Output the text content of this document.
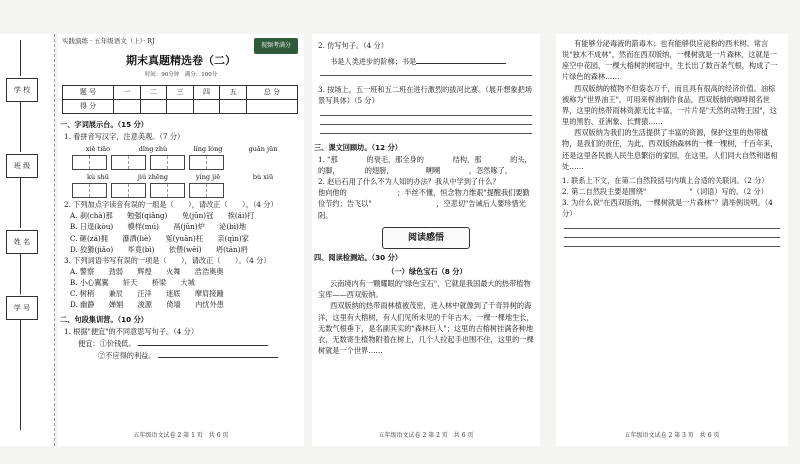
学 校
班 级
姓 名
学 号
实践演练 · 五年级语文（上）· RJ
视频考满分
期末真题精选卷（二）
时间：90分钟　满分：100分
题 号	一	二	三	四	五	总 分
得 分						
一、字词展示台。（15 分）
1. 看拼音写汉字，注意美观。（7 分）
xiē tiāo	dǐng zhǔ	líng lóng	guǎn jūn
kù shū	jiǔ zhēng	yíng jiē	bù xiū
2. 下列加点字读音有误的一组是（　　），请改正（　　）。（4 分）
A. 刹(chà)那　　勉强(qiǎng)　　免(jūn)冠　　挨(ái)打
B. 日逞(kòu)　　模样(mú)　　鬲(jūn)炉　　泌(bì)地
C. 砸(zá)拥　　瀑洒(liè)　　冤(yuān)枉　　亲(qìn)家
D. 狡猾(jiǎo)　　毕竟(bì)　　依偎(wēi)　　坍(tān)坍
3. 下列词语书写有误的一项是（　　），请改正（　　）。（4 分）
A. 警察　　劲弱　　辉煌　　火舞　　浩浩奥奥
B. 小心翼翼　　轩天　　桥梁　　大城
C. 树稍　　兼辰　　汪洋　　迷底　　摩肩接踵
D. 幽静　　婵娟　　浚源　　倚墙　　内忧外患
二、句段集训营。（10 分）
1. 根据"便宜"的不同意思写句子。（4 分）
便宜：①价钱低。
②不应得的利益。
五年级语文试卷 2 第 1 页　共 6 页
2. 仿写句子。（4 分）
书是人类进步的阶梯；书是
3. 按场上，五一班和五二班在进行激烈的拔河比赛。（展开想象把场景写具体）（5 分）
三、课文回顾坊。（12 分）
1. "那　　　　的衰毛，那全身的　　　　结构，那　　　　的头，　　　的脚，　　　　的翅膀，　　　　　嗍嗍　　　　，忽然啄了，
2. 赵后石用了什么不为人知的办法？我从中学到了什么？
他向他的　　　　　　　；半丝不懂，恒念物力维艰"提醒我们要勤俭节约；告飞以"　　　　　　　　　，空悲切"告诫后人要珍惜光阴。
阅读感悟
四、阅读检测站。（30 分）
（一）绿色宝石（8 分）
云南境内有一颗耀眼的"绿色宝石"，它就是我国最大的热带植物宝库——西双版纳。
西双版纳的热带雨林植被茂密，进入林中就像到了千奇异树的海洋，这里有大榕树，有人们见所未见的千年古木，一棵一棵地生长，无数气根垂下，是名副其实的"森林巨人"；这里的古榕树挂满各种地衣，无数寄生植物附着在树上，几个人拉起手也围不住，这里的一棵树就是一个世界……
五年级语文试卷 2 第 2 页　共 6 页
有能够分泌毒液的箭毒木；也有能够供应泌粉的西米树。常言说"独木不成林"，然而在西双版纳，一棵树就是一片森林，这就是一座空中花园，一棵大榕树的树冠中，生长出了数百条气根，构成了一片绿色的森林……
西双版纳的植物不但姿态万千，而且具有很高的经济价值。油棕被称为"世界油王"，可用来榨油制作食品，西双版纳的咖啡闻名世界，这里的热带雨林资源无比丰富，一片片是"天然的动物王国"，这里的黑豹、亚洲象、长臂猿……
西双版纳为我们的生活提供了丰富的资源，保护这里的热带植物，是我们的责任，为此，西双版纳森林的一棵一棵树，千百年来，还是这里各民族人民生息繁衍的家园，在这里，人们同大自然和谐相处……
1. 联系上下文，在第二自然段括号内填上合适的关联词。（2 分）
2. 第二自然段主要是围绕"　　　　　　"（词语）写的。（2 分）
3. 为什么说"在西双版纳，一棵树就是一片森林"？请举例说明。（4 分）
五年级语文试卷 2 第 3 页　共 6 页
